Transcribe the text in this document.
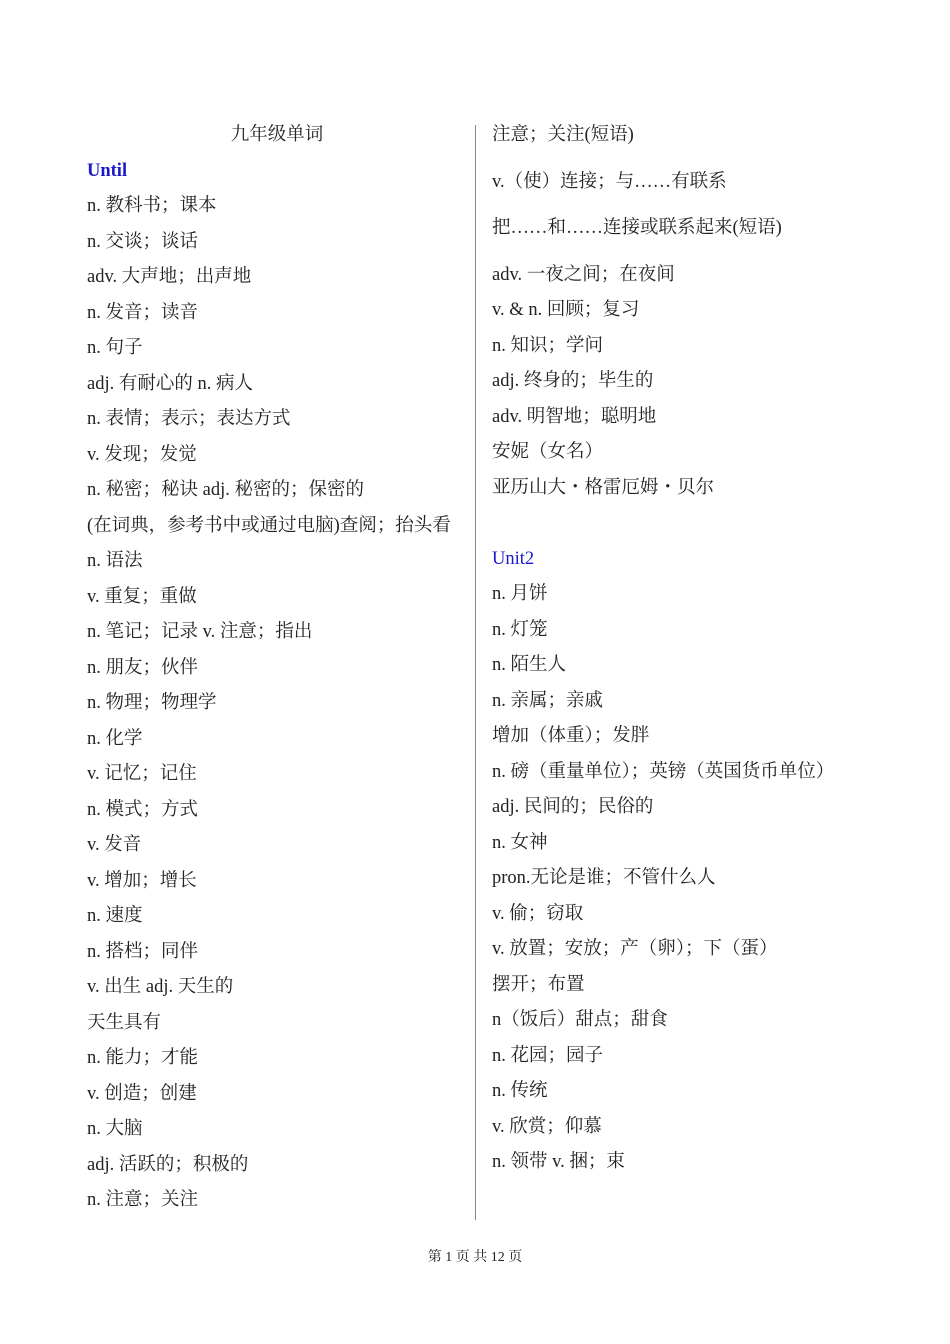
九年级单词
Until
n. 教科书；课本
n. 交谈；谈话
adv. 大声地；出声地
n. 发音；读音
n. 句子
adj. 有耐心的 n. 病人
n. 表情；表示；表达方式
v. 发现；发觉
n. 秘密；秘诀 adj. 秘密的；保密的
(在词典，参考书中或通过电脑)查阅；抬头看
n. 语法
v. 重复；重做
n. 笔记；记录 v. 注意；指出
n. 朋友；伙伴
n. 物理；物理学
n. 化学
v. 记忆；记住
n. 模式；方式
v. 发音
v. 增加；增长
n. 速度
n. 搭档；同伴
v. 出生 adj. 天生的
天生具有
n. 能力；才能
v. 创造；创建
n. 大脑
adj. 活跃的；积极的
n. 注意；关注
注意；关注(短语)
v.（使）连接；与……有联系
把……和……连接或联系起来(短语)
adv. 一夜之间；在夜间
v. & n. 回顾；复习
n. 知识；学问
adj. 终身的；毕生的
adv. 明智地；聪明地
安妮（女名）
亚历山大・格雷厄姆・贝尔
Unit2
n. 月饼
n. 灯笼
n. 陌生人
n. 亲属；亲戚
增加（体重）；发胖
n. 磅（重量单位）；英镑（英国货币单位）
adj. 民间的；民俗的
n. 女神
pron.无论是谁；不管什么人
v. 偷；窃取
v. 放置；安放；产（卵）；下（蛋）
摆开；布置
n（饭后）甜点；甜食
n. 花园；园子
n. 传统
v. 欣赏；仰慕
n. 领带 v. 捆；束
第 1 页 共 12 页
